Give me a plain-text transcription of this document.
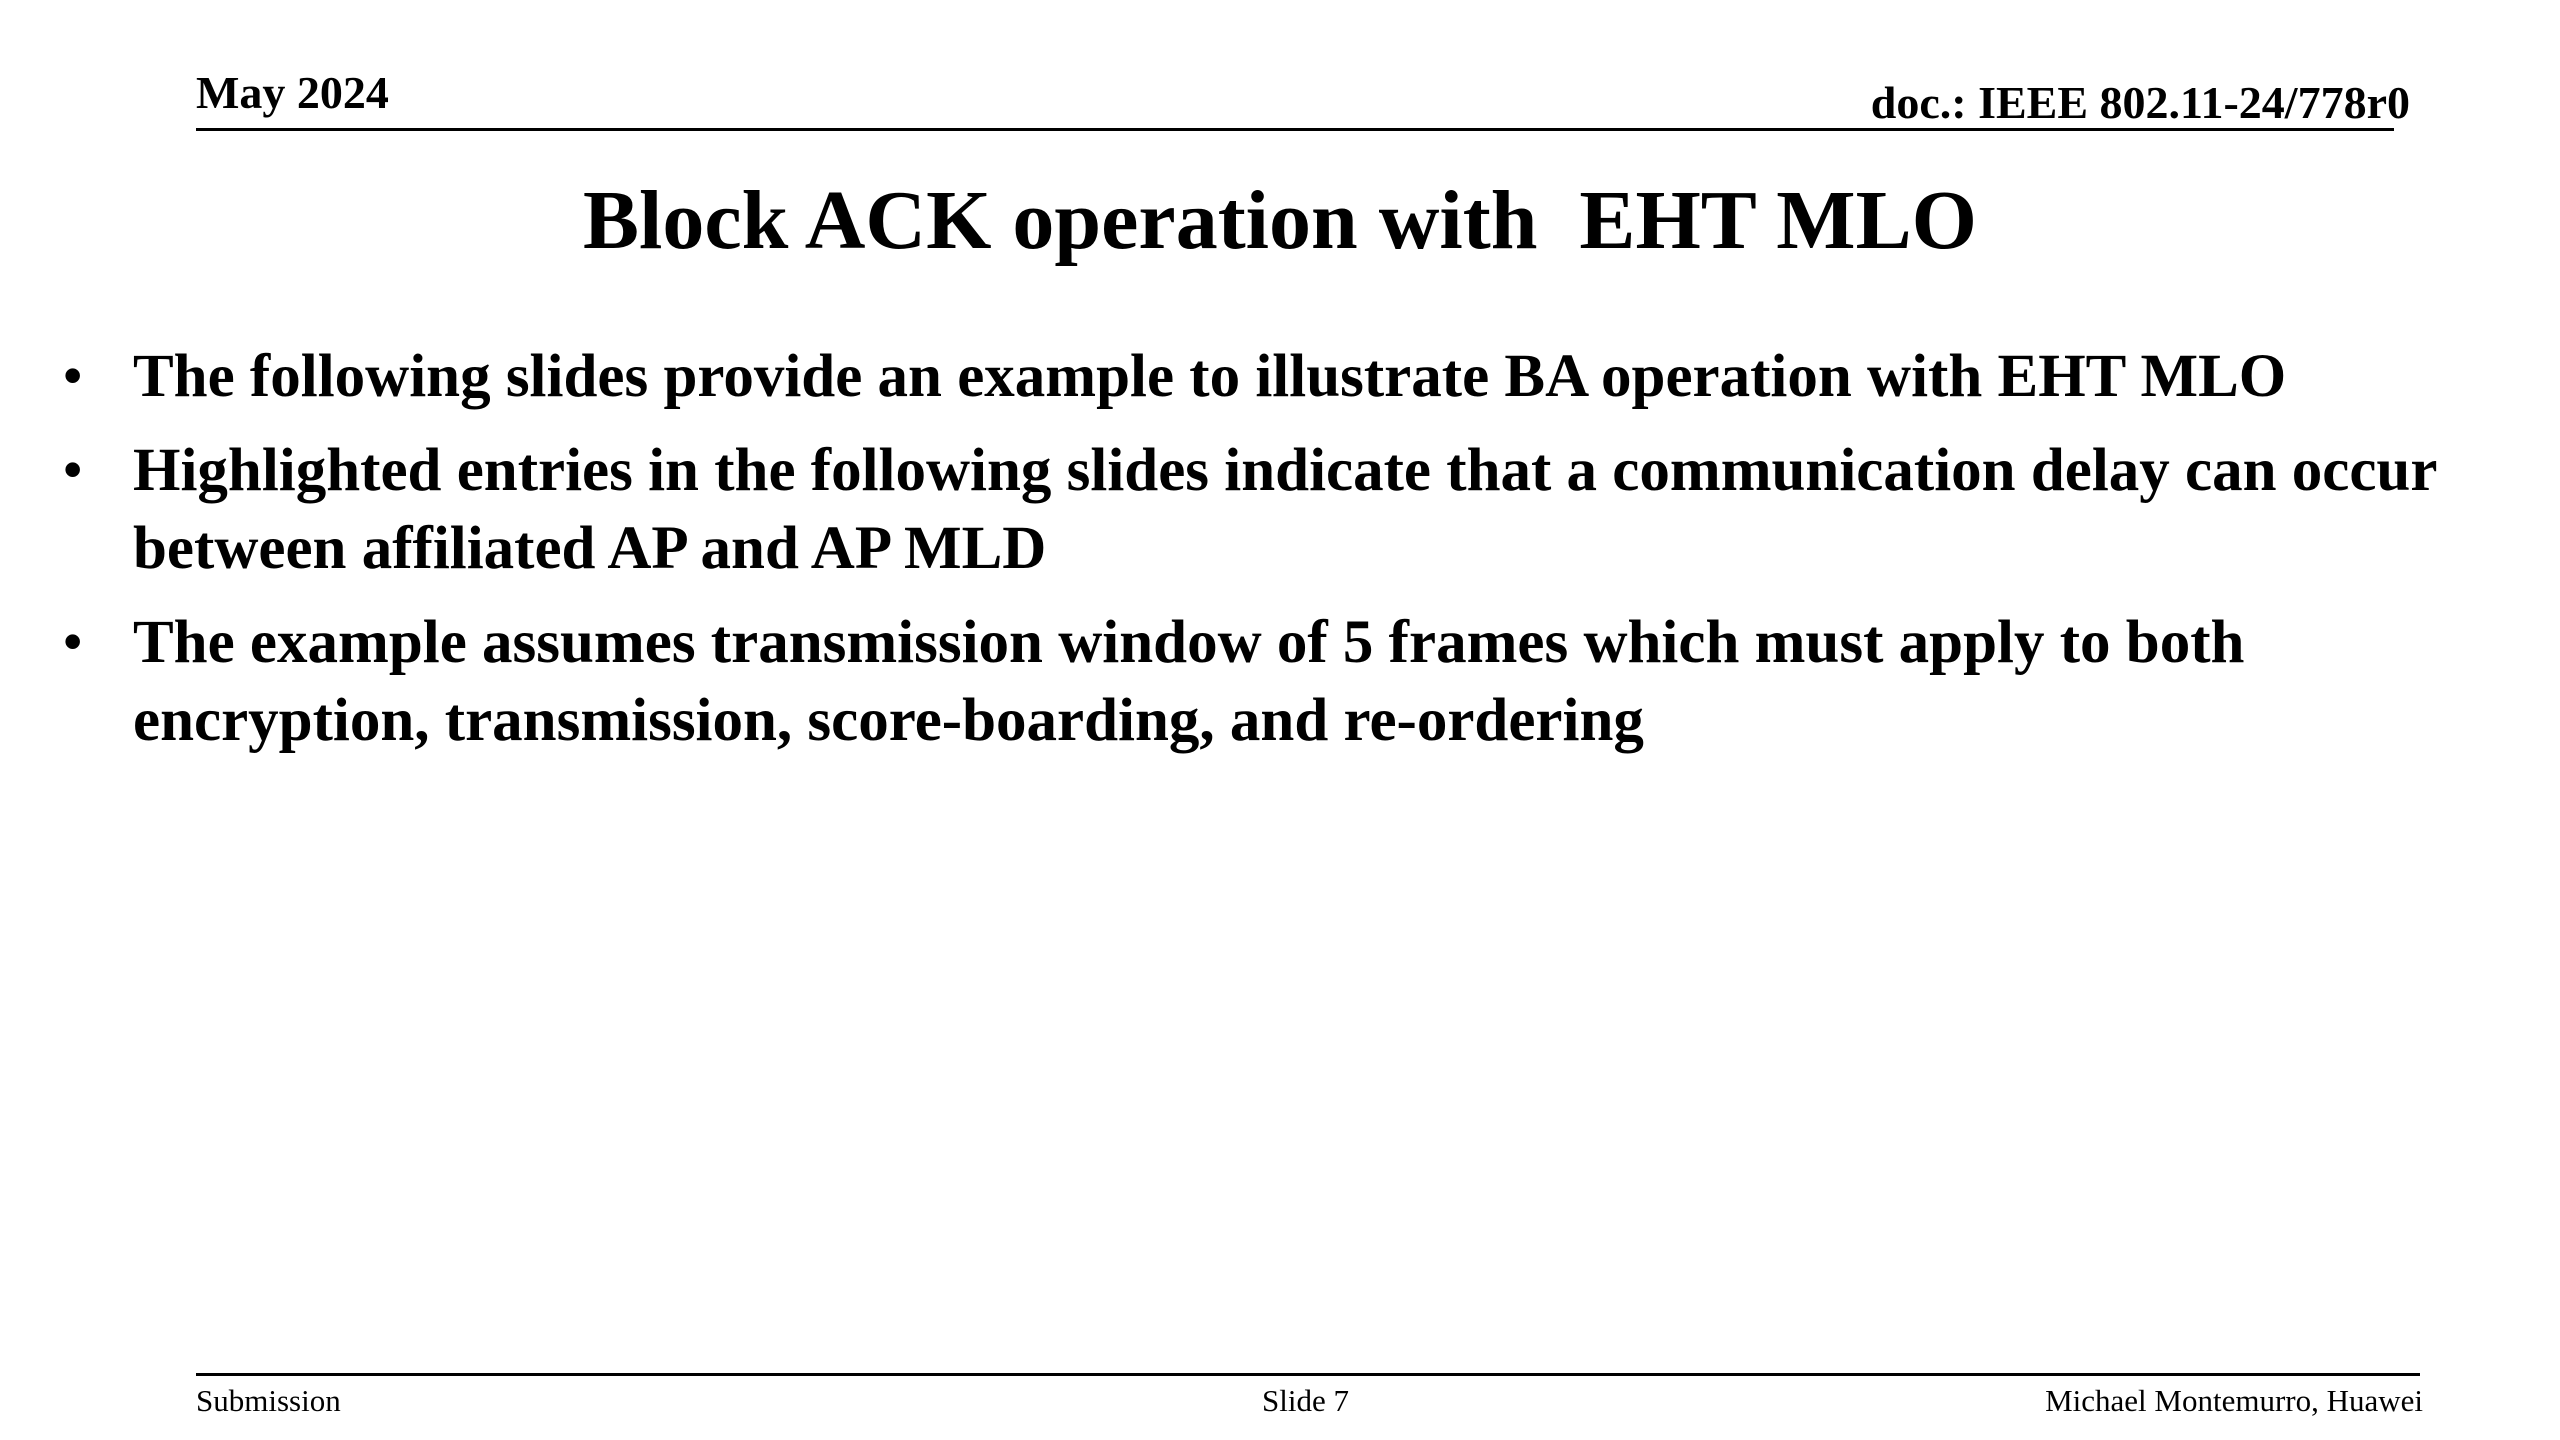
May 2024	doc.: IEEE 802.11-24/778r0
Block ACK operation with  EHT MLO
• The following slides provide an example to illustrate BA operation with EHT MLO
• Highlighted entries in the following slides indicate that a communication delay can occur between affiliated AP and AP MLD
• The example assumes transmission window of 5 frames which must apply to both encryption, transmission, score-boarding, and re-ordering
Submission	Slide 7	Michael Montemurro, Huawei
